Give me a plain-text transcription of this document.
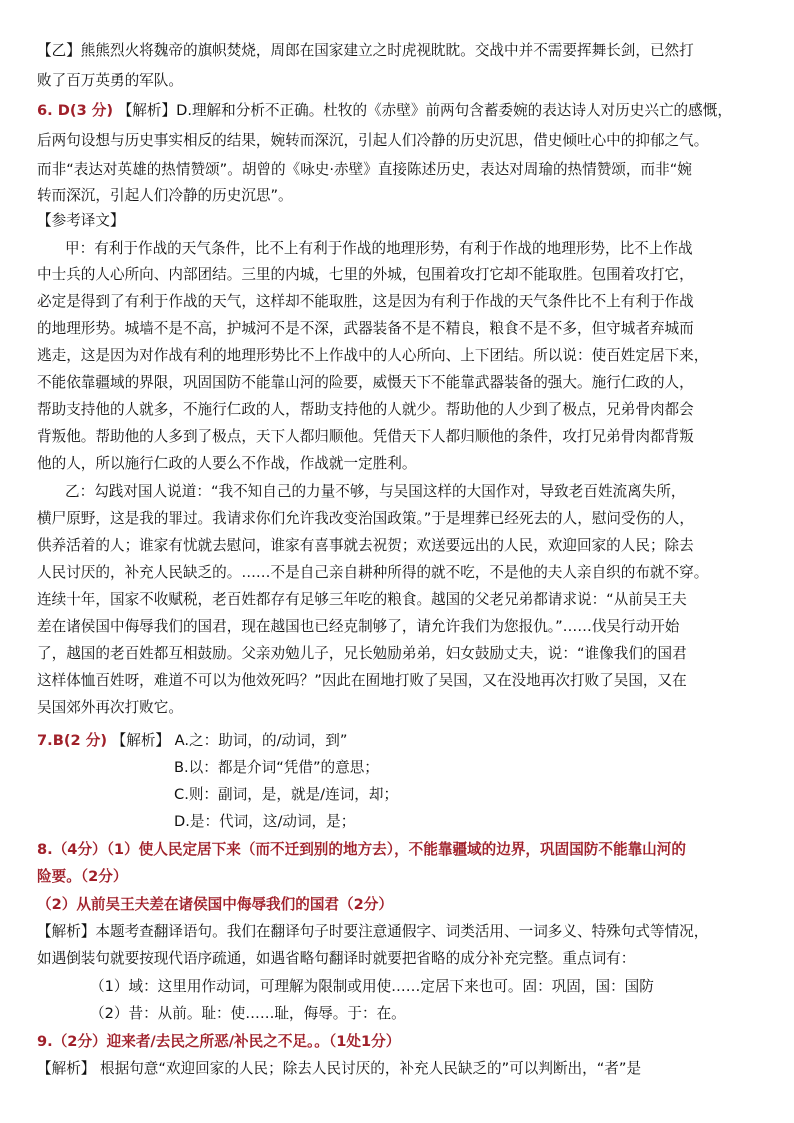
【乙】熊熊烈火将魏帝的旗帜焚烧，周郎在国家建立之时虎视眈眈。交战中并不需要挥舞长剑，已然打
败了百万英勇的军队。
6. D(3 分) 【解析】D.理解和分析不正确。杜牧的《赤壁》前两句含蓄委婉的表达诗人对历史兴亡的感慨，
后两句设想与历史事实相反的结果，婉转而深沉，引起人们冷静的历史沉思，借史倾吐心中的抑郁之气。
而非“表达对英雄的热情赞颂”。胡曾的《咏史·赤壁》直接陈述历史，表达对周瑜的热情赞颂，而非“婉
转而深沉，引起人们冷静的历史沉思”。
【参考译文】
甲：有利于作战的天气条件，比不上有利于作战的地理形势，有利于作战的地理形势，比不上作战
中士兵的人心所向、内部团结。三里的内城，七里的外城，包围着攻打它却不能取胜。包围着攻打它，
必定是得到了有利于作战的天气，这样却不能取胜，这是因为有利于作战的天气条件比不上有利于作战
的地理形势。城墙不是不高，护城河不是不深，武器装备不是不精良，粮食不是不多，但守城者弃城而
逃走，这是因为对作战有利的地理形势比不上作战中的人心所向、上下团结。所以说：使百姓定居下来，
不能依靠疆域的界限，巩固国防不能靠山河的险要，威慑天下不能靠武器装备的强大。施行仁政的人，
帮助支持他的人就多，不施行仁政的人，帮助支持他的人就少。帮助他的人少到了极点，兄弟骨肉都会
背叛他。帮助他的人多到了极点，天下人都归顺他。凭借天下人都归顺他的条件，攻打兄弟骨肉都背叛
他的人，所以施行仁政的人要么不作战，作战就一定胜利。
乙：勾践对国人说道：“我不知自己的力量不够，与吴国这样的大国作对，导致老百姓流离失所，
横尸原野，这是我的罪过。我请求你们允许我改变治国政策。”于是埋葬已经死去的人，慰问受伤的人，
供养活着的人；谁家有忧就去慰问，谁家有喜事就去祝贺；欢送要远出的人民，欢迎回家的人民；除去
人民讨厌的，补充人民缺乏的。……不是自己亲自耕种所得的就不吃，不是他的夫人亲自织的布就不穿。
连续十年，国家不收赋税，老百姓都存有足够三年吃的粮食。越国的父老兄弟都请求说：“从前吴王夫
差在诸侯国中侮辱我们的国君，现在越国也已经克制够了，请允许我们为您报仇。”……伐吴行动开始
了，越国的老百姓都互相鼓励。父亲劝勉儿子，兄长勉励弟弟，妇女鼓励丈夫，说：“谁像我们的国君
这样体恤百姓呀，难道不可以为他效死吗？”因此在囿地打败了吴国，又在没地再次打败了吴国，又在
吴国郊外再次打败它。
7.B(2 分) 【解析】 A.之：助词，的/动词，到”
B.以：都是介词“凭借”的意思；
C.则：副词，是，就是/连词，却；
D.是：代词，这/动词，是；
8.（4分）（1）使人民定居下来（而不迁到别的地方去），不能靠疆域的边界，巩固国防不能靠山河的
险要。（2分）
（2）从前吴王夫差在诸侯国中侮辱我们的国君（2分）
【解析】本题考查翻译语句。我们在翻译句子时要注意通假字、词类活用、一词多义、特殊句式等情况，
如遇倒装句就要按现代语序疏通，如遇省略句翻译时就要把省略的成分补充完整。重点词有：
（1）域：这里用作动词，可理解为限制或用使……定居下来也可。固：巩固，国：国防
（2）昔：从前。耻：使……耻，侮辱。于：在。
9.（2分）迎来者/去民之所恶/补民之不足。。（1处1分）
【解析】 根据句意“欢迎回家的人民；除去人民讨厌的，补充人民缺乏的”可以判断出，“者”是
